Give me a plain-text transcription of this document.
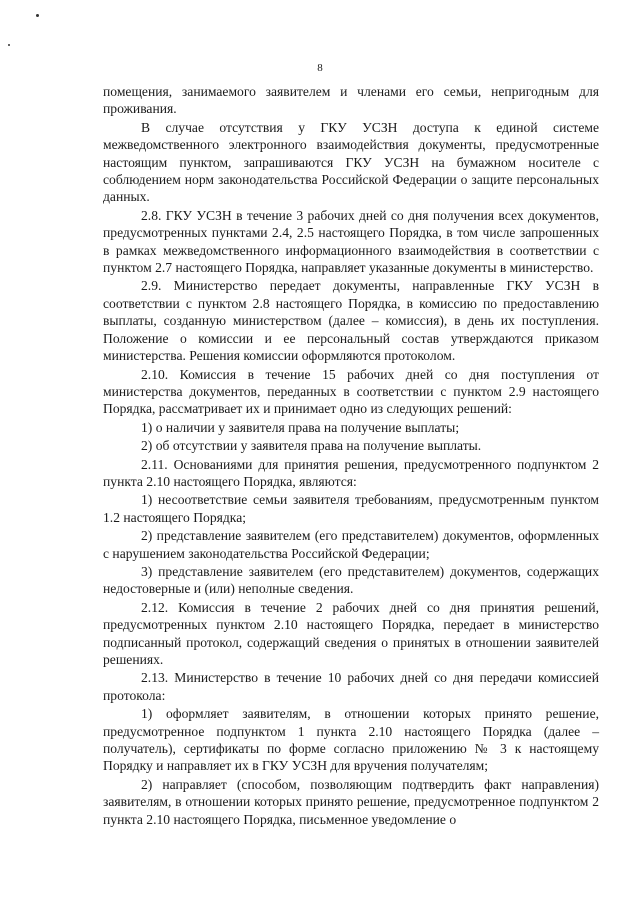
8

помещения, занимаемого заявителем и членами его семьи, непригодным для проживания.

В случае отсутствия у ГКУ УСЗН доступа к единой системе межведомственного электронного взаимодействия документы, предусмотренные настоящим пунктом, запрашиваются ГКУ УСЗН на бумажном носителе с соблюдением норм законодательства Российской Федерации о защите персональных данных.

2.8. ГКУ УСЗН в течение 3 рабочих дней со дня получения всех документов, предусмотренных пунктами 2.4, 2.5 настоящего Порядка, в том числе запрошенных в рамках межведомственного информационного взаимодействия в соответствии с пунктом 2.7 настоящего Порядка, направляет указанные документы в министерство.

2.9. Министерство передает документы, направленные ГКУ УСЗН в соответствии с пунктом 2.8 настоящего Порядка, в комиссию по предоставлению выплаты, созданную министерством (далее – комиссия), в день их поступления. Положение о комиссии и ее персональный состав утверждаются приказом министерства. Решения комиссии оформляются протоколом.

2.10. Комиссия в течение 15 рабочих дней со дня поступления от министерства документов, переданных в соответствии с пунктом 2.9 настоящего Порядка, рассматривает их и принимает одно из следующих решений:

1) о наличии у заявителя права на получение выплаты;

2) об отсутствии у заявителя права на получение выплаты.

2.11. Основаниями для принятия решения, предусмотренного подпунктом 2 пункта 2.10 настоящего Порядка, являются:

1) несоответствие семьи заявителя требованиям, предусмотренным пунктом 1.2 настоящего Порядка;

2) представление заявителем (его представителем) документов, оформленных с нарушением законодательства Российской Федерации;

3) представление заявителем (его представителем) документов, содержащих недостоверные и (или) неполные сведения.

2.12. Комиссия в течение 2 рабочих дней со дня принятия решений, предусмотренных пунктом 2.10 настоящего Порядка, передает в министерство подписанный протокол, содержащий сведения о принятых в отношении заявителей решениях.

2.13. Министерство в течение 10 рабочих дней со дня передачи комиссией протокола:

1) оформляет заявителям, в отношении которых принято решение, предусмотренное подпунктом 1 пункта 2.10 настоящего Порядка (далее – получатель), сертификаты по форме согласно приложению № 3 к настоящему Порядку и направляет их в ГКУ УСЗН для вручения получателям;

2) направляет (способом, позволяющим подтвердить факт направления) заявителям, в отношении которых принято решение, предусмотренное подпунктом 2 пункта 2.10 настоящего Порядка, письменное уведомление о
